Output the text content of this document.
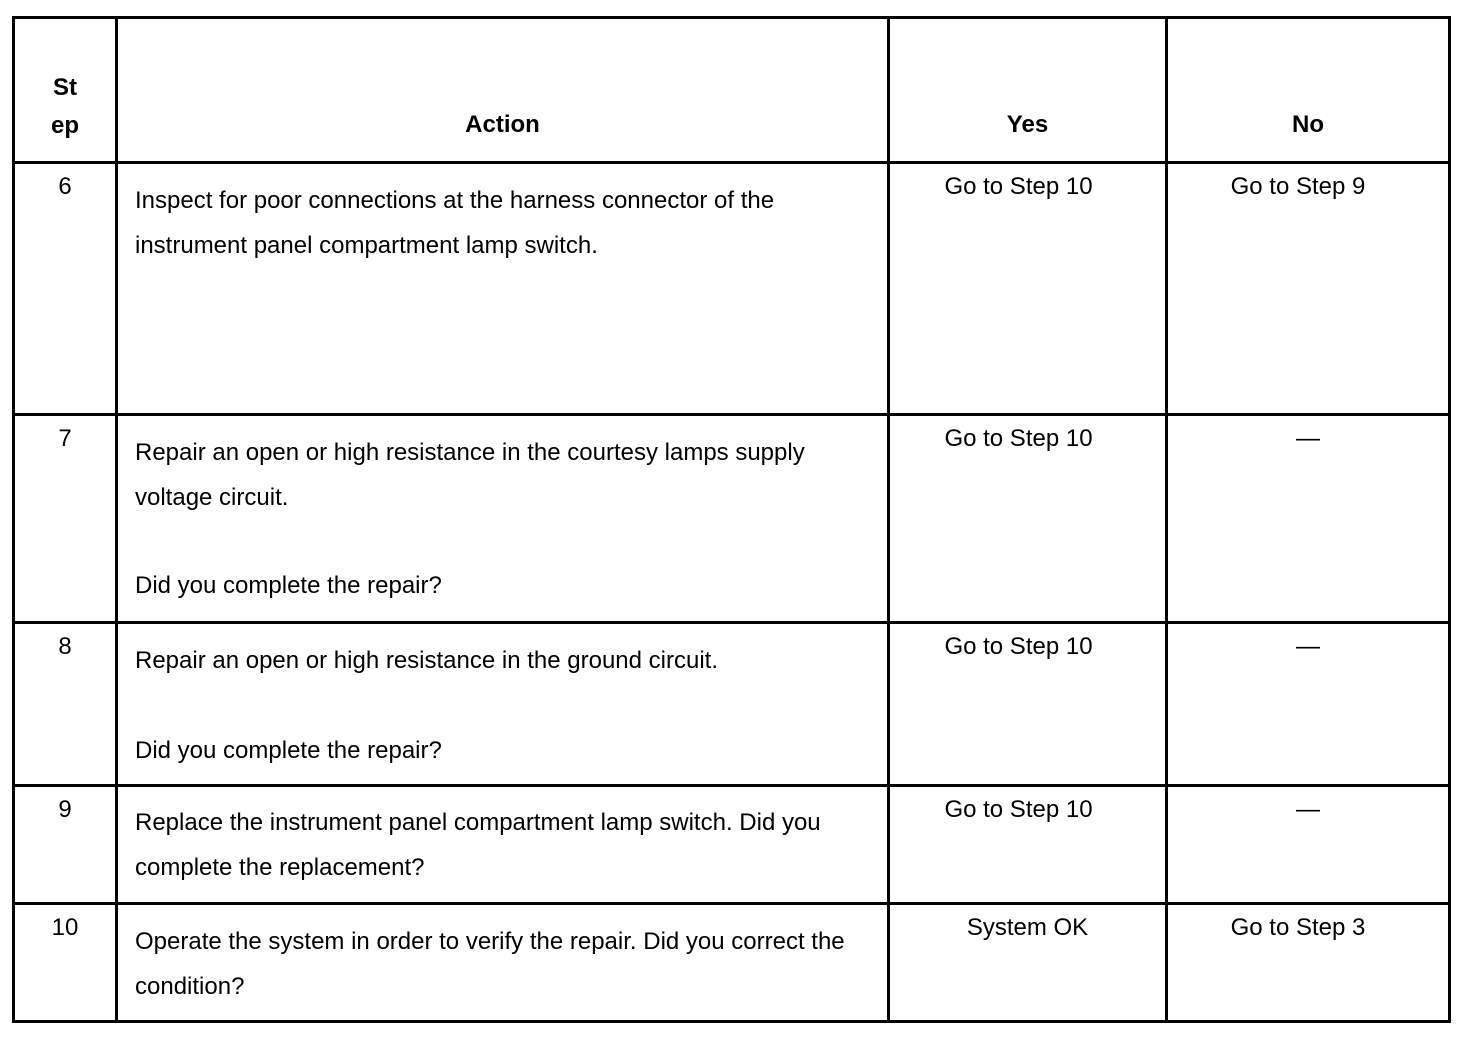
St
ep	Action	Yes	No

6	Inspect for poor connections at the harness connector of the instrument panel compartment lamp switch.	Go to Step 10	Go to Step 9

7	Repair an open or high resistance in the courtesy lamps supply voltage circuit.
Did you complete the repair?	Go to Step 10	—

8	Repair an open or high resistance in the ground circuit.
Did you complete the repair?	Go to Step 10	—

9	Replace the instrument panel compartment lamp switch. Did you complete the replacement?	Go to Step 10	—

10	Operate the system in order to verify the repair. Did you correct the condition?	System OK	Go to Step 3
